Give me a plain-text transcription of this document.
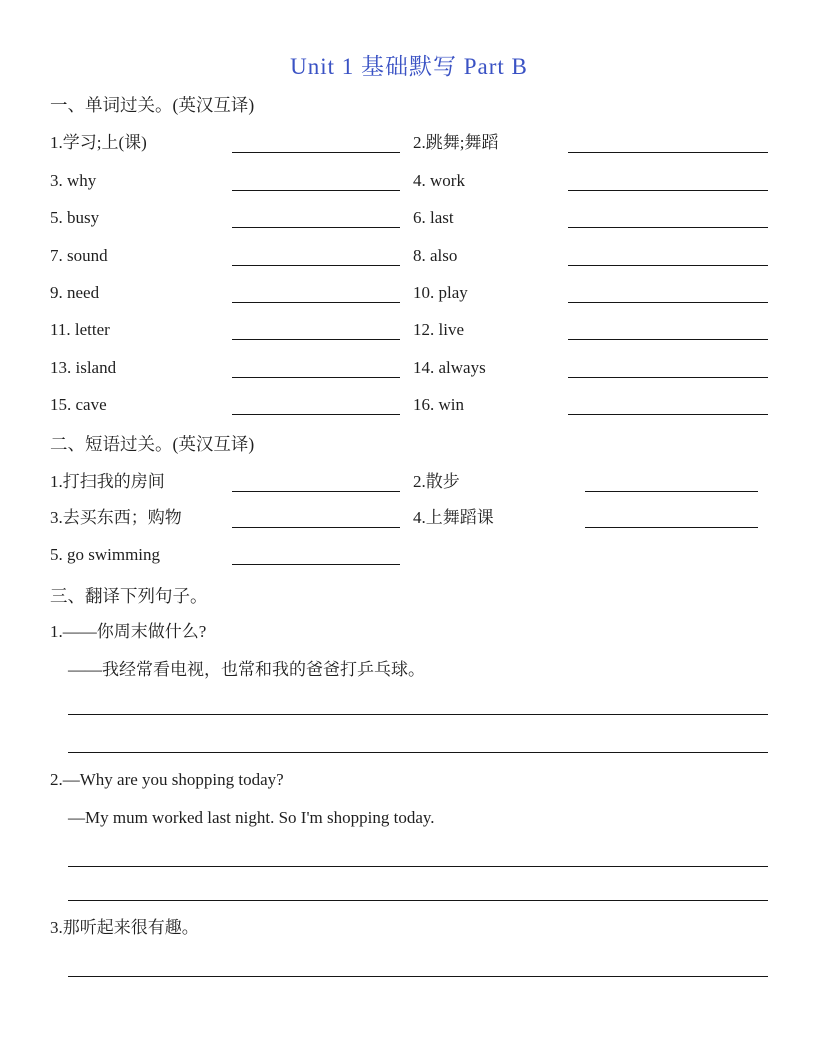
Unit 1 基础默写 Part B
一、单词过关。(英汉互译)
1.学习;上(课)	2.跳舞;舞蹈
3. why	4. work
5. busy	6. last
7. sound	8. also
9. need	10. play
11. letter	12. live
13. island	14. always
15. cave	16. win
二、短语过关。(英汉互译)
1.打扫我的房间	2.散步
3.去买东西；购物	4.上舞蹈课
5. go swimming
三、翻译下列句子。
1.——你周末做什么?
——我经常看电视，也常和我的爸爸打乒乓球。
2.—Why are you shopping today?
—My mum worked last night. So I'm shopping today.
3.那听起来很有趣。
